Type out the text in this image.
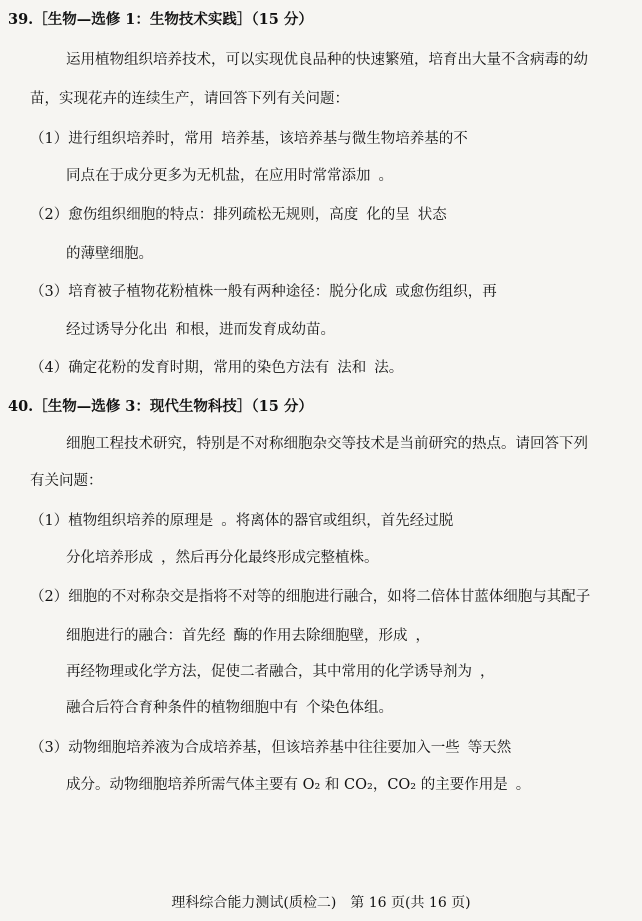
39.［生物—选修 1：生物技术实践］（15 分）
运用植物组织培养技术，可以实现优良品种的快速繁殖，培育出大量不含病毒的幼
苗，实现花卉的连续生产，请回答下列有关问题：
（1）进行组织培养时，常用 培养基，该培养基与微生物培养基的不
同点在于成分更多为无机盐，在应用时常常添加 。
（2）愈伤组织细胞的特点：排列疏松无规则，高度 化的呈 状态
的薄壁细胞。
（3）培育被子植物花粉植株一般有两种途径：脱分化成 或愈伤组织，再
经过诱导分化出 和根，进而发育成幼苗。
（4）确定花粉的发育时期，常用的染色方法有 法和 法。
40.［生物—选修 3：现代生物科技］（15 分）
细胞工程技术研究，特别是不对称细胞杂交等技术是当前研究的热点。请回答下列
有关问题：
（1）植物组织培养的原理是 。将离体的器官或组织，首先经过脱
分化培养形成 ，然后再分化最终形成完整植株。
（2）细胞的不对称杂交是指将不对等的细胞进行融合，如将二倍体甘蓝体细胞与其配子
细胞进行的融合：首先经 酶的作用去除细胞壁，形成 ，
再经物理或化学方法，促使二者融合，其中常用的化学诱导剂为 ，
融合后符合育种条件的植物细胞中有 个染色体组。
（3）动物细胞培养液为合成培养基，但该培养基中往往要加入一些 等天然
成分。动物细胞培养所需气体主要有 O₂ 和 CO₂，CO₂ 的主要作用是 。
理科综合能力测试(质检二)　第 16 页(共 16 页)
